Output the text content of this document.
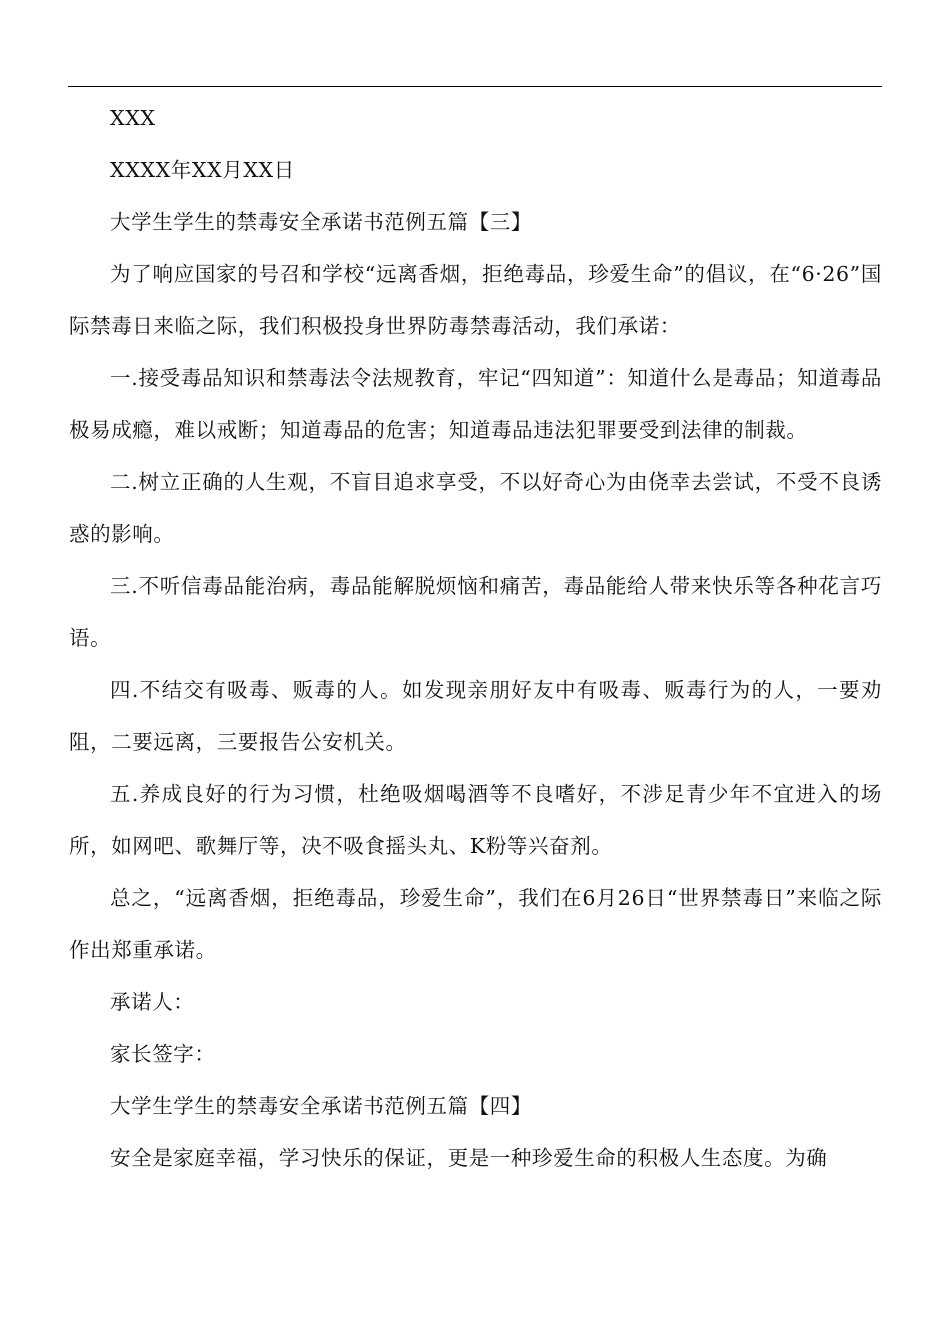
XXX

XXXX年XX月XX日

大学生学生的禁毒安全承诺书范例五篇【三】

为了响应国家的号召和学校“远离香烟，拒绝毒品，珍爱生命”的倡议，在“6·26”国际禁毒日来临之际，我们积极投身世界防毒禁毒活动，我们承诺：

一.接受毒品知识和禁毒法令法规教育，牢记“四知道”：知道什么是毒品；知道毒品极易成瘾，难以戒断；知道毒品的危害；知道毒品违法犯罪要受到法律的制裁。

二.树立正确的人生观，不盲目追求享受，不以好奇心为由侥幸去尝试，不受不良诱惑的影响。

三.不听信毒品能治病，毒品能解脱烦恼和痛苦，毒品能给人带来快乐等各种花言巧语。

四.不结交有吸毒、贩毒的人。如发现亲朋好友中有吸毒、贩毒行为的人，一要劝阻，二要远离，三要报告公安机关。

五.养成良好的行为习惯，杜绝吸烟喝酒等不良嗜好，不涉足青少年不宜进入的场所，如网吧、歌舞厅等，决不吸食摇头丸、K粉等兴奋剂。

总之，“远离香烟，拒绝毒品，珍爱生命”，我们在6月26日“世界禁毒日”来临之际作出郑重承诺。

承诺人：

家长签字：

大学生学生的禁毒安全承诺书范例五篇【四】

安全是家庭幸福，学习快乐的保证，更是一种珍爱生命的积极人生态度。为确
